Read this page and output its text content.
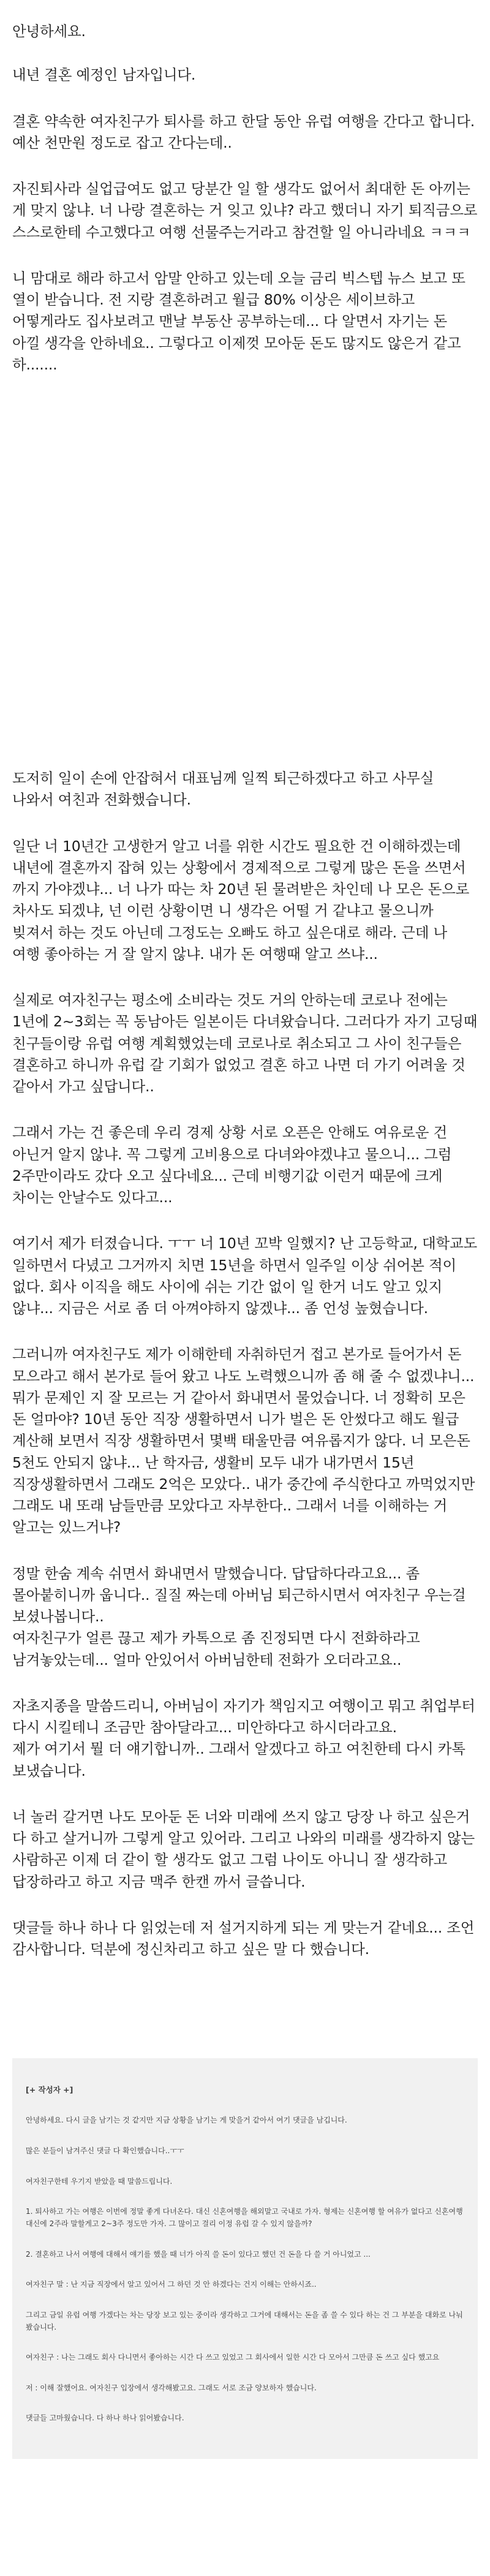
안녕하세요.

내년 결혼 예정인 남자입니다.

결혼 약속한 여자친구가 퇴사를 하고 한달 동안 유럽 여행을 간다고 합니다. 예산 천만원 정도로 잡고 간다는데..

자진퇴사라 실업급여도 없고 당분간 일 할 생각도 없어서 최대한 돈 아끼는 게 맞지 않냐. 너 나랑 결혼하는 거 잊고 있냐? 라고 했더니 자기 퇴직금으로 스스로한테 수고했다고 여행 선물주는거라고 참견할 일 아니라네요 ㅋㅋㅋ

니 맘대로 해라 하고서 암말 안하고 있는데 오늘 금리 빅스텝 뉴스 보고 또 열이 받습니다. 전 지랑 결혼하려고 월급 80% 이상은 세이브하고 어떻게라도 집사보려고 맨날 부동산 공부하는데... 다 알면서 자기는 돈 아낄 생각을 안하네요.. 그렇다고 이제껏 모아둔 돈도 많지도 않은거 같고 하.......

도저히 일이 손에 안잡혀서 대표님께 일찍 퇴근하겠다고 하고 사무실 나와서 여친과 전화했습니다.

일단 너 10년간 고생한거 알고 너를 위한 시간도 필요한 건 이해하겠는데 내년에 결혼까지 잡혀 있는 상황에서 경제적으로 그렇게 많은 돈을 쓰면서 까지 가야겠냐... 너 나가 따는 차 20년 된 물려받은 차인데 나 모은 돈으로 차사도 되겠냐, 넌 이런 상황이면 니 생각은 어떨 거 같냐고 물으니까
빚져서 하는 것도 아닌데 그정도는 오빠도 하고 싶은대로 해라. 근데 나 여행 좋아하는 거 잘 알지 않냐. 내가 돈 여행때 알고 쓰냐...

실제로 여자친구는 평소에 소비라는 것도 거의 안하는데 코로나 전에는 1년에 2~3회는 꼭 동남아든 일본이든 다녀왔습니다. 그러다가 자기 고딩때 친구들이랑 유럽 여행 계획했었는데 코로나로 취소되고 그 사이 친구들은 결혼하고 하니까 유럽 갈 기회가 없었고 결혼 하고 나면 더 가기 어려울 것 같아서 가고 싶답니다..

그래서 가는 건 좋은데 우리 경제 상황 서로 오픈은 안해도 여유로운 건 아닌거 알지 않냐. 꼭 그렇게 고비용으로 다녀와야겠냐고 물으니... 그럼 2주만이라도 갔다 오고 싶다네요... 근데 비행기값 이런거 때문에 크게 차이는 안날수도 있다고...

여기서 제가 터졌습니다. ㅜㅜ 너 10년 꼬박 일했지? 난 고등학교, 대학교도 일하면서 다녔고 그거까지 치면 15년을 하면서 일주일 이상 쉬어본 적이 없다. 회사 이직을 해도 사이에 쉬는 기간 없이 일 한거 너도 알고 있지 않냐... 지금은 서로 좀 더 아껴야하지 않겠냐... 좀 언성 높혔습니다.

그러니까 여자친구도 제가 이해한테 자취하던거 접고 본가로 들어가서 돈 모으라고 해서 본가로 들어 왔고 나도 노력했으니까 좀 해 줄 수 없겠냐니...
뭐가 문제인 지 잘 모르는 거 같아서 화내면서 물었습니다. 너 정확히 모은 돈 얼마야? 10년 동안 직장 생활하면서 니가 벌은 돈 안썼다고 해도 월급 계산해 보면서 직장 생활하면서 몇백 태울만큼 여유롭지가 않다. 너 모은돈 5천도 안되지 않냐... 난 학자금, 생활비 모두 내가 내가면서 15년 직장생활하면서 그래도 2억은 모았다.. 내가 중간에 주식한다고 까먹었지만 그래도 내 또래 남들만큼 모았다고 자부한다.. 그래서 너를 이해하는 거 알고는 있느거냐?

정말 한숨 계속 쉬면서 화내면서 말했습니다. 답답하다라고요... 좀 몰아붙히니까 웁니다.. 질질 짜는데 아버님 퇴근하시면서 여자친구 우는걸 보셨나봅니다..
여자친구가 얼른 끊고 제가 카톡으로 좀 진정되면 다시 전화하라고 남겨놓았는데... 얼마 안있어서 아버님한테 전화가 오더라고요..

자초지종을 말씀드리니, 아버님이 자기가 책임지고 여행이고 뭐고 취업부터 다시 시킬테니 조금만 참아달라고... 미안하다고 하시더라고요.
제가 여기서 뭘 더 얘기합니까.. 그래서 알겠다고 하고 여친한테 다시 카톡 보냈습니다.

너 놀러 갈거면 나도 모아둔 돈 너와 미래에 쓰지 않고 당장 나 하고 싶은거 다 하고 살거니까 그렇게 알고 있어라. 그리고 나와의 미래를 생각하지 않는 사람하곤 이제 더 같이 할 생각도 없고 그럼 나이도 아니니 잘 생각하고 답장하라고 하고 지금 맥주 한캔 까서 글씁니다.

댓글들 하나 하나 다 읽었는데 저 설거지하게 되는 게 맞는거 같네요... 조언 감사합니다. 덕분에 정신차리고 하고 싶은 말 다 했습니다.

[+ 작성자 +]

안녕하세요. 다시 글을 남기는 것 같지만 지금 상황을 남기는 게 맞을거 같아서 여기 댓글을 남깁니다.

많은 분들이 남겨주신 댓글 다 확인했습니다..ㅜㅜ

여자친구한테 우기지 받았을 때 말씀드립니다.

1. 퇴사하고 가는 여행은 이번에 정말 좋게 다녀온다. 대신 신혼여행을 해외말고 국내로 가자. 형제는 신혼여행 할 여유가 없다고 신혼여행 대신에 2주라 말할게고 2~3주 정도만 가자. 그 많이고 걸리 이정 유럽 갈 수 있지 않을까?

2. 결혼하고 나서 여행에 대해서 얘기를 했을 때 너가 아직 쓸 돈이 있다고 했던 건 돈을 다 쓸 거 아니었고 ...

여자친구 말 : 난 지금 직장에서 알고 있어서 그 하던 것 안 하겠다는 건지 이해는 안하시죠..

그리고 금일 유럽 여행 가겠다는 차는 당장 보고 있는 중이라 생각하고 그거에 대해서는 돈을 좀 쓸 수 있다 하는 건 그 부분을 대화로 나눠 봤습니다.

여자친구 : 나는 그래도 회사 다니면서 좋아하는 시간 다 쓰고 있었고 그 회사에서 일한 시간 다 모아서 그만큼 돈 쓰고 싶다 했고요

저 : 이해 잘했어요. 여자친구 입장에서 생각해봤고요. 그래도 서로 조금 양보하자 했습니다.

댓글들 고마웠습니다. 다 하나 하나 읽어봤습니다.
